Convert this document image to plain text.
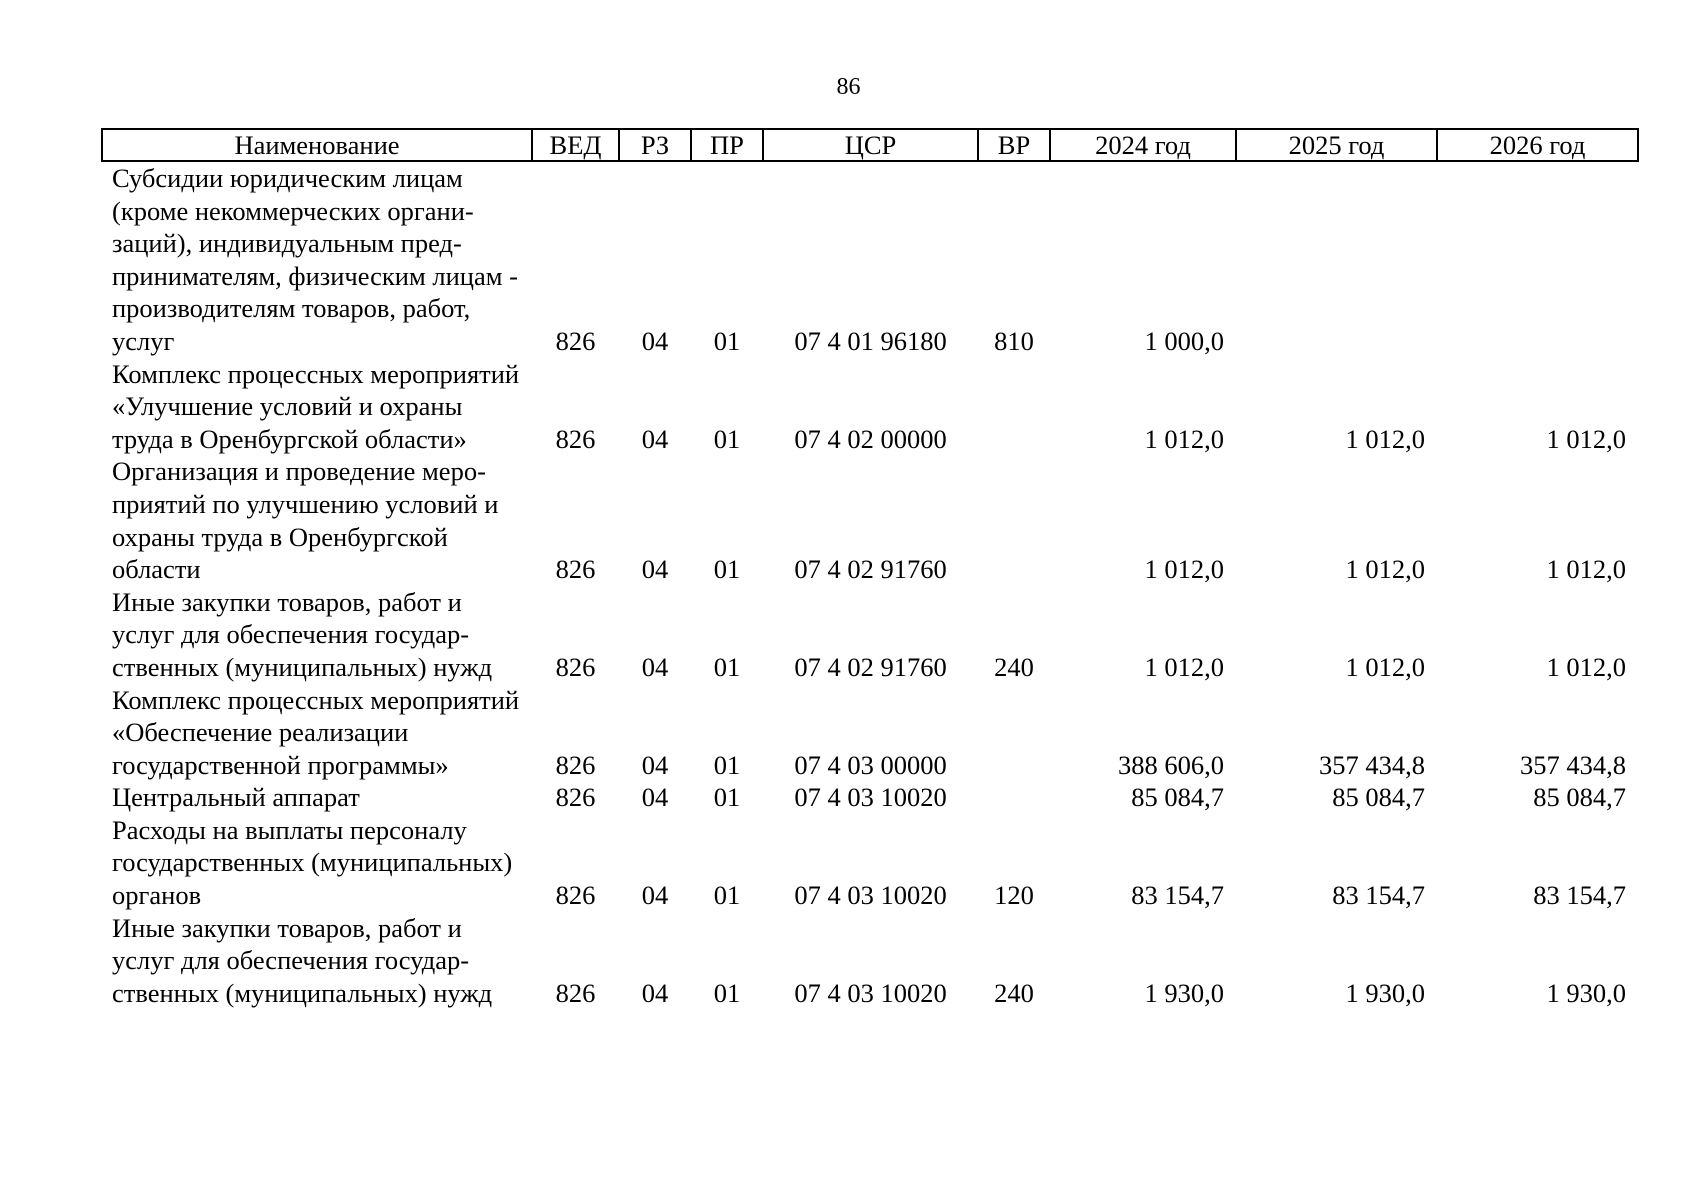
86
Наименование	ВЕД	РЗ	ПР	ЦСР	ВР	2024 год	2025 год	2026 год
Субсидии юридическим лицам (кроме некоммерческих организаций), индивидуальным предпринимателям, физическим лицам - производителям товаров, работ, услуг	826	04	01	07 4 01 96180	810	1 000,0		
Комплекс процессных мероприятий «Улучшение условий и охраны труда в Оренбургской области»	826	04	01	07 4 02 00000		1 012,0	1 012,0	1 012,0
Организация и проведение мероприятий по улучшению условий и охраны труда в Оренбургской области	826	04	01	07 4 02 91760		1 012,0	1 012,0	1 012,0
Иные закупки товаров, работ и услуг для обеспечения государственных (муниципальных) нужд	826	04	01	07 4 02 91760	240	1 012,0	1 012,0	1 012,0
Комплекс процессных мероприятий «Обеспечение реализации государственной программы»	826	04	01	07 4 03 00000		388 606,0	357 434,8	357 434,8
Центральный аппарат	826	04	01	07 4 03 10020		85 084,7	85 084,7	85 084,7
Расходы на выплаты персоналу государственных (муниципальных) органов	826	04	01	07 4 03 10020	120	83 154,7	83 154,7	83 154,7
Иные закупки товаров, работ и услуг для обеспечения государственных (муниципальных) нужд	826	04	01	07 4 03 10020	240	1 930,0	1 930,0	1 930,0
